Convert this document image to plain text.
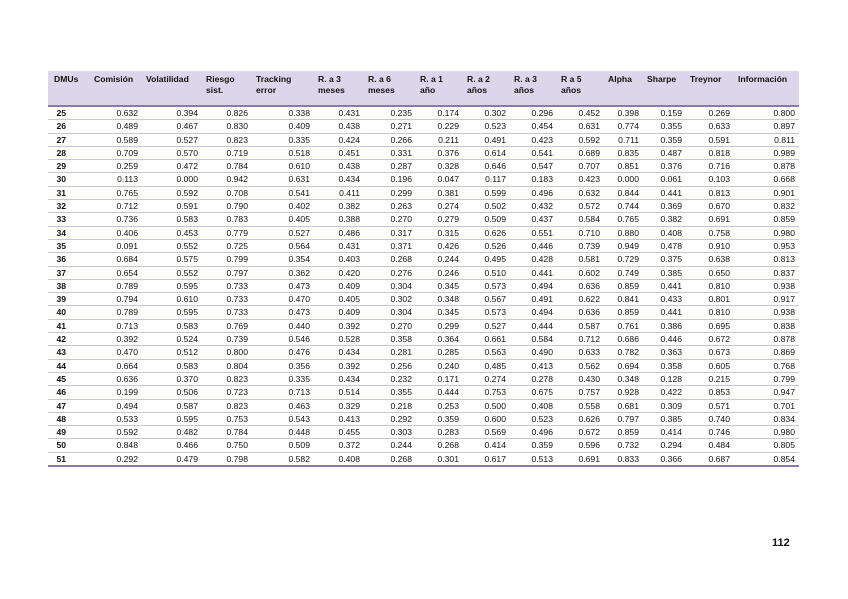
DMUs	Comisión	Volatilidad	Riesgo sist.	Tracking error	R. a 3 meses	R. a 6 meses	R. a 1 año	R. a 2 años	R. a 3 años	R a 5 años	Alpha	Sharpe	Treynor	Información
25	0.632	0.394	0.826	0.338	0.431	0.235	0.174	0.302	0.296	0.452	0.398	0.159	0.269	0.800
26	0.489	0.467	0.830	0.409	0.438	0.271	0.229	0.523	0.454	0.631	0.774	0.355	0.633	0.897
27	0.589	0.527	0.823	0.335	0.424	0.266	0.211	0.491	0.423	0.592	0.711	0.359	0.591	0.811
28	0.709	0.570	0.719	0.518	0.451	0.331	0.376	0.614	0.541	0.689	0.835	0.487	0.818	0.989
29	0.259	0.472	0.784	0.610	0.438	0.287	0.328	0.646	0.547	0.707	0.851	0.376	0.716	0.878
30	0.113	0.000	0.942	0.631	0.434	0.196	0.047	0.117	0.183	0.423	0.000	0.061	0.103	0.668
31	0.765	0.592	0.708	0.541	0.411	0.299	0.381	0.599	0.496	0.632	0.844	0.441	0.813	0.901
32	0.712	0.591	0.790	0.402	0.382	0.263	0.274	0.502	0.432	0.572	0.744	0.369	0.670	0.832
33	0.736	0.583	0.783	0.405	0.388	0.270	0.279	0.509	0.437	0.584	0.765	0.382	0.691	0.859
34	0.406	0.453	0.779	0.527	0.486	0.317	0.315	0.626	0.551	0.710	0.880	0.408	0.758	0.980
35	0.091	0.552	0.725	0.564	0.431	0.371	0.426	0.526	0.446	0.739	0.949	0.478	0.910	0.953
36	0.684	0.575	0.799	0.354	0.403	0.268	0.244	0.495	0.428	0.581	0.729	0.375	0.638	0.813
37	0.654	0.552	0.797	0.362	0.420	0.276	0.246	0.510	0.441	0.602	0.749	0.385	0.650	0.837
38	0.789	0.595	0.733	0.473	0.409	0.304	0.345	0.573	0.494	0.636	0.859	0.441	0.810	0.938
39	0.794	0.610	0.733	0.470	0.405	0.302	0.348	0.567	0.491	0.622	0.841	0.433	0.801	0.917
40	0.789	0.595	0.733	0.473	0.409	0.304	0.345	0.573	0.494	0.636	0.859	0.441	0.810	0.938
41	0.713	0.583	0.769	0.440	0.392	0.270	0.299	0.527	0.444	0.587	0.761	0.386	0.695	0.838
42	0.392	0.524	0.739	0.546	0.528	0.358	0.364	0.661	0.584	0.712	0.686	0.446	0.672	0.878
43	0.470	0.512	0.800	0.476	0.434	0.281	0.285	0.563	0.490	0.633	0.782	0.363	0.673	0.869
44	0.664	0.583	0.804	0.356	0.392	0.256	0.240	0.485	0.413	0.562	0.694	0.358	0.605	0.768
45	0.636	0.370	0.823	0.335	0.434	0.232	0.171	0.274	0.278	0.430	0.348	0.128	0.215	0.799
46	0.199	0.506	0.723	0.713	0.514	0.355	0.444	0.753	0.675	0.757	0.928	0.422	0.853	0.947
47	0.494	0.587	0.823	0.463	0.329	0.218	0.253	0.500	0.408	0.558	0.681	0.309	0.571	0.701
48	0.533	0.595	0.753	0.543	0.413	0.292	0.359	0.600	0.523	0.626	0.797	0.385	0.740	0.834
49	0.592	0.482	0.784	0.448	0.455	0.303	0.283	0.569	0.496	0.672	0.859	0.414	0.746	0.980
50	0.848	0.466	0.750	0.509	0.372	0.244	0.268	0.414	0.359	0.596	0.732	0.294	0.484	0.805
51	0.292	0.479	0.798	0.582	0.408	0.268	0.301	0.617	0.513	0.691	0.833	0.366	0.687	0.854
112
